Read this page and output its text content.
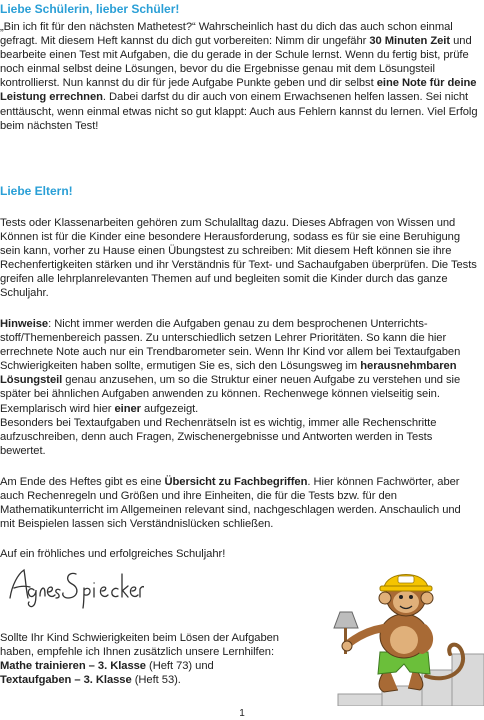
Liebe Schülerin, lieber Schüler!

„Bin ich fit für den nächsten Mathetest?“ Wahrscheinlich hast du dich das auch schon einmal gefragt. Mit diesem Heft kannst du dich gut vorbereiten: Nimm dir ungefähr 30 Minuten Zeit und bearbeite einen Test mit Aufgaben, die du gerade in der Schule lernst. Wenn du fertig bist, prüfe noch einmal selbst deine Lösungen, bevor du die Ergebnisse genau mit dem Lösungsteil kontrollierst. Nun kannst du dir für jede Aufgabe Punkte geben und dir selbst eine Note für deine Leistung errechnen. Dabei darfst du dir auch von einem Erwachsenen helfen lassen. Sei nicht enttäuscht, wenn einmal etwas nicht so gut klappt: Auch aus Fehlern kannst du lernen. Viel Erfolg beim nächsten Test!

Liebe Eltern!

Tests oder Klassenarbeiten gehören zum Schulalltag dazu. Dieses Abfragen von Wissen und Können ist für die Kinder eine besondere Herausforderung, sodass es für sie eine Beruhigung sein kann, vorher zu Hause einen Übungstest zu schreiben: Mit diesem Heft können sie ihre Rechenfertigkeiten stärken und ihr Verständnis für Text- und Sachaufgaben überprüfen. Die Tests greifen alle lehrplanrelevanten Themen auf und begleiten somit die Kinder durch das ganze Schuljahr.

Hinweise: Nicht immer werden die Aufgaben genau zu dem besprochenen Unterrichtsstoff/Themenbereich passen. Zu unterschiedlich setzen Lehrer Prioritäten. So kann die hier errechnete Note auch nur ein Trendbarometer sein. Wenn Ihr Kind vor allem bei Textaufgaben Schwierigkeiten haben sollte, ermutigen Sie es, sich den Lösungsweg im herausnehmbaren Lösungsteil genau anzusehen, um so die Struktur einer neuen Aufgabe zu verstehen und sie später bei ähnlichen Aufgaben anwenden zu können. Rechenwege können vielseitig sein. Exemplarisch wird hier einer aufgezeigt.
Besonders bei Textaufgaben und Rechenrätseln ist es wichtig, immer alle Rechenschritte aufzuschreiben, denn auch Fragen, Zwischenergebnisse und Antworten werden in Tests bewertet.

Am Ende des Heftes gibt es eine Übersicht zu Fachbegriffen. Hier können Fachwörter, aber auch Rechenregeln und Größen und ihre Einheiten, die für die Tests bzw. für den Mathematikunterricht im Allgemeinen relevant sind, nachgeschlagen werden. Anschaulich und mit Beispielen lassen sich Verständnislücken schließen.

Auf ein fröhliches und erfolgreiches Schuljahr!

Sollte Ihr Kind Schwierigkeiten beim Lösen der Aufgaben haben, empfehle ich Ihnen zusätzlich unsere Lernhilfen:
Mathe trainieren – 3. Klasse (Heft 73) und
Textaufgaben – 3. Klasse (Heft 53).

1
